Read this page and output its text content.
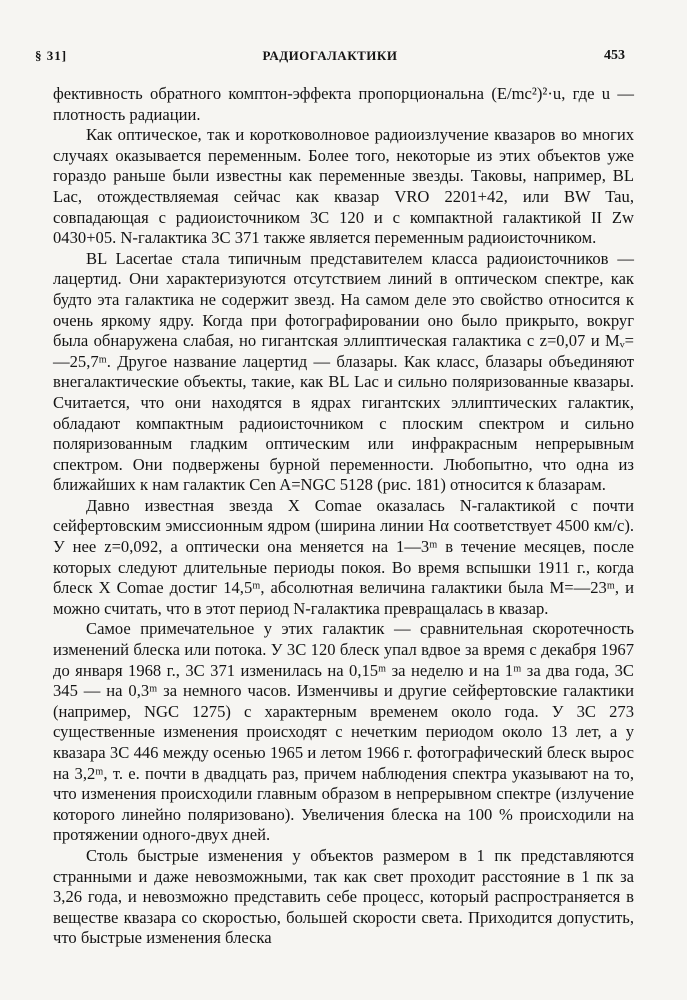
§ 31]	РАДИОГАЛАКТИКИ	453

фективность обратного комптон-эффекта пропорциональна (E/mc²)²·u, где u — плотность радиации.

Как оптическое, так и коротковолновое радиоизлучение квазаров во многих случаях оказывается переменным. Более того, некоторые из этих объектов уже гораздо раньше были известны как переменные звезды. Таковы, например, BL Lac, отождествляемая сейчас как квазар VRO 2201+42, или BW Tau, совпадающая с радиоисточником 3C 120 и с компактной галактикой II Zw 0430+05. N-галактика 3C 371 также является переменным радиоисточником.

BL Lacertae стала типичным представителем класса радиоисточников — лацертид. Они характеризуются отсутствием линий в оптическом спектре, как будто эта галактика не содержит звезд. На самом деле это свойство относится к очень яркому ядру. Когда при фотографировании оно было прикрыто, вокруг была обнаружена слабая, но гигантская эллиптическая галактика с z=0,07 и Mᵥ=—25,7ᵐ. Другое название лацертид — блазары. Как класс, блазары объединяют внегалактические объекты, такие, как BL Lac и сильно поляризованные квазары. Считается, что они находятся в ядрах гигантских эллиптических галактик, обладают компактным радиоисточником с плоским спектром и сильно поляризованным гладким оптическим или инфракрасным непрерывным спектром. Они подвержены бурной переменности. Любопытно, что одна из ближайших к нам галактик Cen A=NGC 5128 (рис. 181) относится к блазарам.

Давно известная звезда X Comae оказалась N-галактикой с почти сейфертовским эмиссионным ядром (ширина линии Hα соответствует 4500 км/с). У нее z=0,092, а оптически она меняется на 1—3ᵐ в течение месяцев, после которых следуют длительные периоды покоя. Во время вспышки 1911 г., когда блеск X Comae достиг 14,5ᵐ, абсолютная величина галактики была M=—23ᵐ, и можно считать, что в этот период N-галактика превращалась в квазар.

Самое примечательное у этих галактик — сравнительная скоротечность изменений блеска или потока. У 3C 120 блеск упал вдвое за время с декабря 1967 до января 1968 г., 3C 371 изменилась на 0,15ᵐ за неделю и на 1ᵐ за два года, 3C 345 — на 0,3ᵐ за немного часов. Изменчивы и другие сейфертовские галактики (например, NGC 1275) с характерным временем около года. У 3C 273 существенные изменения происходят с нечетким периодом около 13 лет, а у квазара 3C 446 между осенью 1965 и летом 1966 г. фотографический блеск вырос на 3,2ᵐ, т. е. почти в двадцать раз, причем наблюдения спектра указывают на то, что изменения происходили главным образом в непрерывном спектре (излучение которого линейно поляризовано). Увеличения блеска на 100 % происходили на протяжении одного-двух дней.

Столь быстрые изменения у объектов размером в 1 пк представляются странными и даже невозможными, так как свет проходит расстояние в 1 пк за 3,26 года, и невозможно представить себе процесс, который распространяется в веществе квазара со скоростью, большей скорости света. Приходится допустить, что быстрые изменения блеска
